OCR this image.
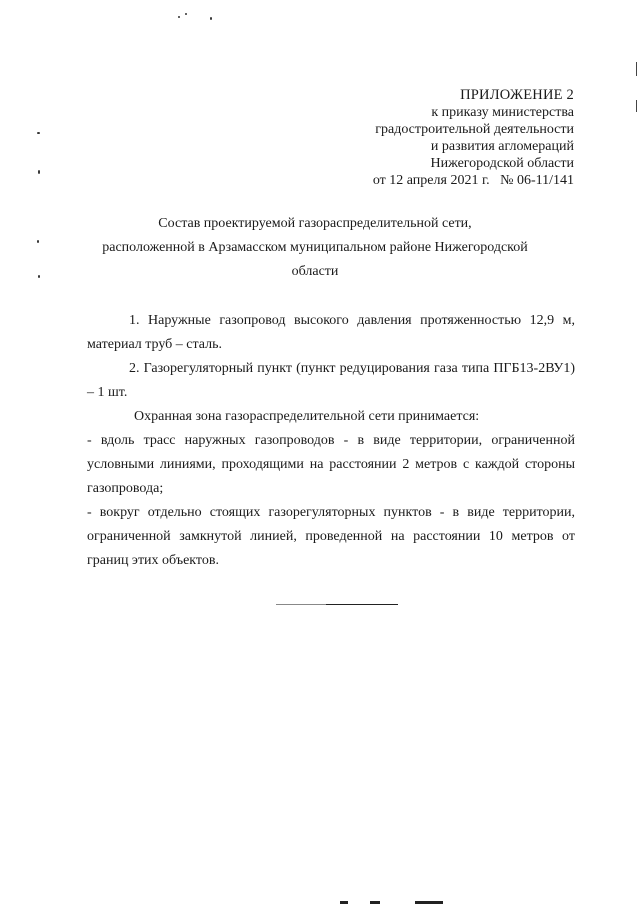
ПРИЛОЖЕНИЕ 2
к приказу министерства
градостроительной деятельности
и развития агломераций
Нижегородской области
от 12 апреля 2021 г.   № 06-11/141
Состав проектируемой газораспределительной сети,
расположенной в Арзамасском муниципальном районе Нижегородской
области

1. Наружные газопровод высокого давления протяженностью 12,9 м, материал труб – сталь.

2. Газорегуляторный пункт (пункт редуцирования газа типа ПГБ13-2ВУ1) – 1 шт.

Охранная зона газораспределительной сети принимается:

- вдоль трасс наружных газопроводов - в виде территории, ограниченной условными линиями, проходящими на расстоянии 2 метров с каждой стороны газопровода;

- вокруг отдельно стоящих газорегуляторных пунктов - в виде территории, ограниченной замкнутой линией, проведенной на расстоянии 10 метров от границ этих объектов.
